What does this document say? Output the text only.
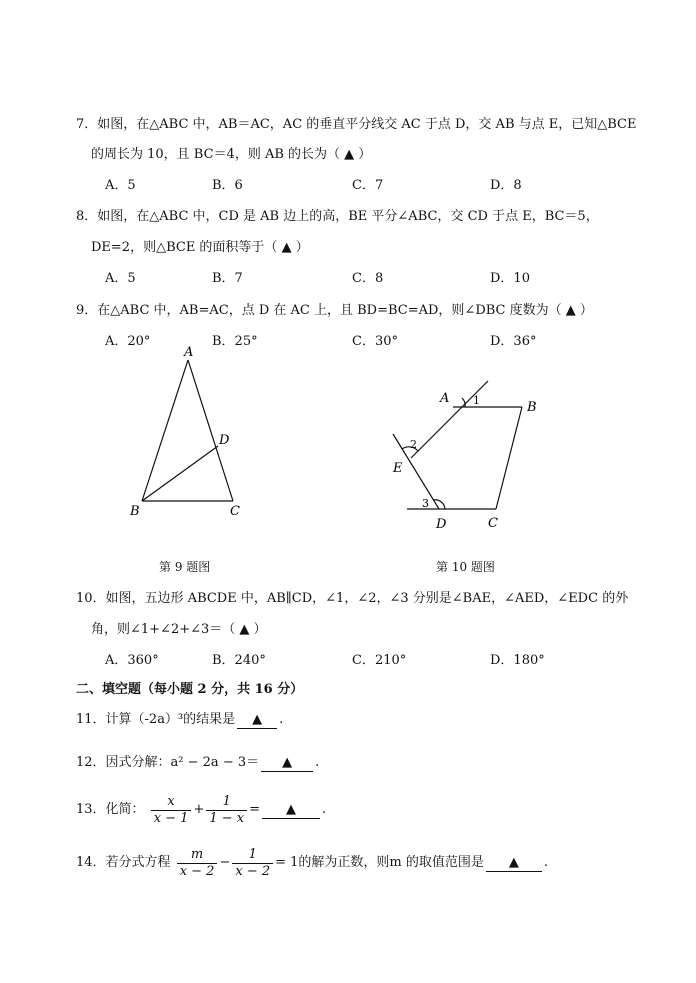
7．如图，在△ABC 中，AB＝AC，AC 的垂直平分线交 AC 于点 D，交 AB 与点 E，已知△BCE
的周长为 10，且 BC＝4，则 AB 的长为（ ▲ ）
A．5	B．6	C．7	D．8
8．如图，在△ABC 中，CD 是 AB 边上的高，BE 平分∠ABC，交 CD 于点 E，BC＝5，
DE=2，则△BCE 的面积等于（ ▲ ）
A．5	B．7	C．8	D．10
9．在△ABC 中，AB=AC，点 D 在 AC 上，且 BD=BC=AD，则∠DBC 度数为（ ▲ ）
A．20°	B．25°	C．30°	D．36°
A
B	C
D
第 9 题图
A
B
C
D
E
1
2
3
第 10 题图
10．如图，五边形 ABCDE 中，AB∥CD，∠1，∠2，∠3 分别是∠BAE，∠AED，∠EDC 的外
角，则∠1+∠2+∠3＝（ ▲ ）
A．360°	B．240°	C．210°	D．180°
二、填空题（每小题 2 分，共 16 分）
11．计算（-2a）³的结果是 ▲ .
12．因式分解：a² − 2a − 3＝ ▲ .
13．化简： $\frac{x}{x - 1} + \frac{1}{1 - x}$ = ▲ .
14．若分式方程 $\frac{m}{x - 2} - \frac{1}{x - 2} = 1$的解为正数，则m 的取值范围是 ▲ .
